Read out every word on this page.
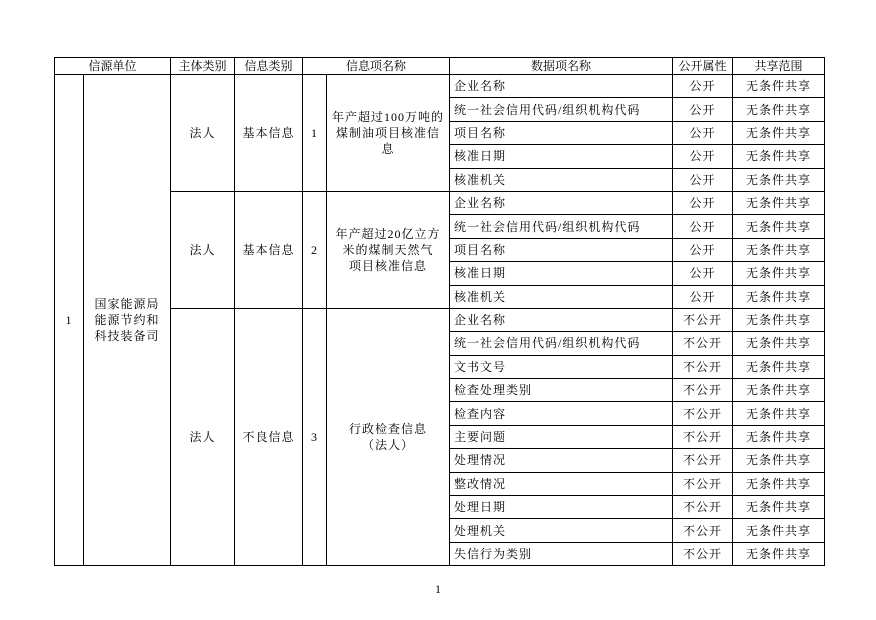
信源单位		主体类别	信息类别	信息项名称		数据项名称	公开属性	共享范围
1	国家能源局
能源节约和
科技装备司	法人	基本信息	1	年产超过100万吨的
煤制油项目核准信
息	企业名称	公开	无条件共享
						统一社会信用代码/组织机构代码	公开	无条件共享
						项目名称	公开	无条件共享
						核准日期	公开	无条件共享
						核准机关	公开	无条件共享
		法人	基本信息	2	年产超过20亿立方
米的煤制天然气
项目核准信息	企业名称	公开	无条件共享
						统一社会信用代码/组织机构代码	公开	无条件共享
						项目名称	公开	无条件共享
						核准日期	公开	无条件共享
						核准机关	公开	无条件共享
		法人	不良信息	3	行政检查信息
（法人）	企业名称	不公开	无条件共享
						统一社会信用代码/组织机构代码	不公开	无条件共享
						文书文号	不公开	无条件共享
						检查处理类别	不公开	无条件共享
						检查内容	不公开	无条件共享
						主要问题	不公开	无条件共享
						处理情况	不公开	无条件共享
						整改情况	不公开	无条件共享
						处理日期	不公开	无条件共享
						处理机关	不公开	无条件共享
						失信行为类别	不公开	无条件共享
1
